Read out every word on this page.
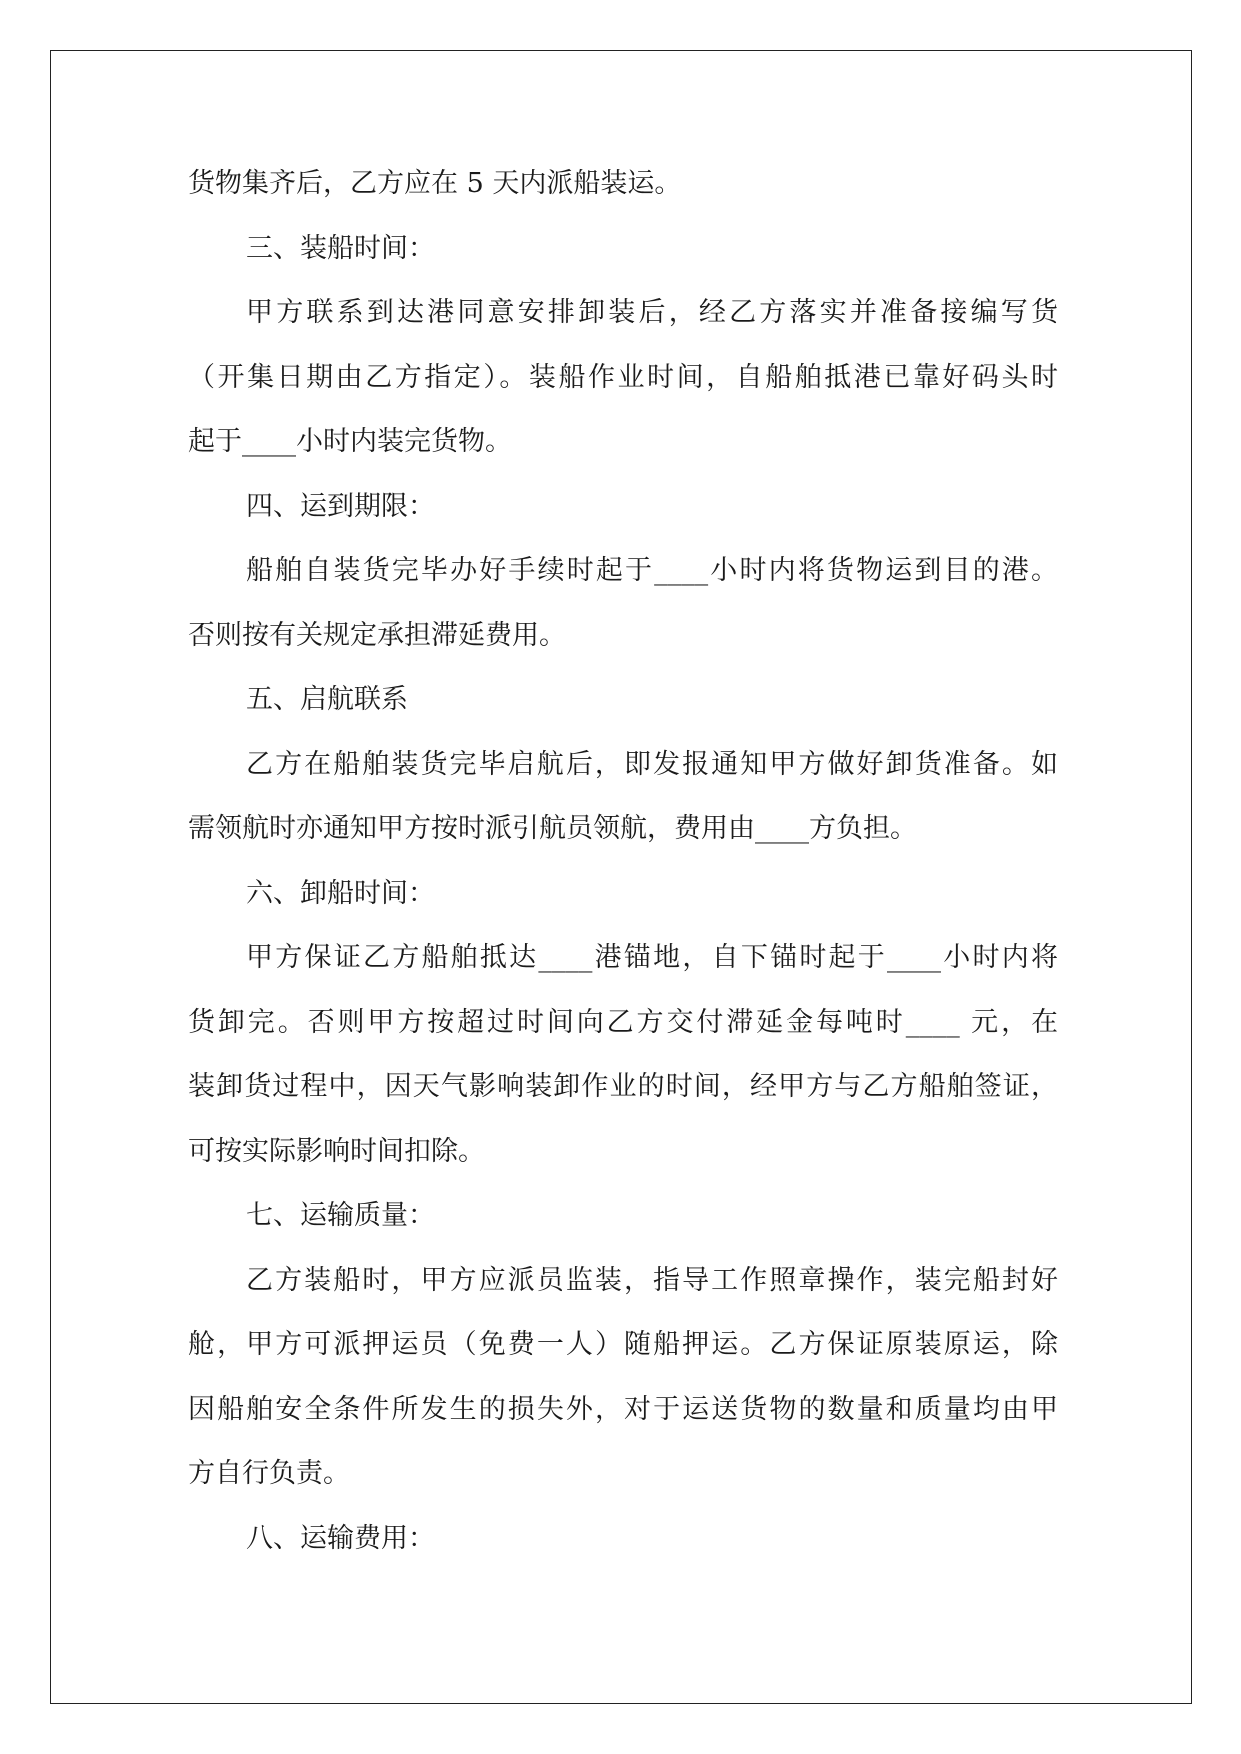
货物集齐后，乙方应在 5 天内派船装运。
三、装船时间：
甲方联系到达港同意安排卸装后，经乙方落实并准备接编写货
（开集日期由乙方指定）。装船作业时间，自船舶抵港已靠好码头时
起于____小时内装完货物。
四、运到期限：
船舶自装货完毕办好手续时起于____小时内将货物运到目的港。
否则按有关规定承担滞延费用。
五、启航联系
乙方在船舶装货完毕启航后，即发报通知甲方做好卸货准备。如
需领航时亦通知甲方按时派引航员领航，费用由____方负担。
六、卸船时间：
甲方保证乙方船舶抵达____港锚地，自下锚时起于____小时内将
货卸完。否则甲方按超过时间向乙方交付滞延金每吨时____ 元，在
装卸货过程中，因天气影响装卸作业的时间，经甲方与乙方船舶签证，
可按实际影响时间扣除。
七、运输质量：
乙方装船时，甲方应派员监装，指导工作照章操作，装完船封好
舱，甲方可派押运员（免费一人）随船押运。乙方保证原装原运，除
因船舶安全条件所发生的损失外，对于运送货物的数量和质量均由甲
方自行负责。
八、运输费用：
